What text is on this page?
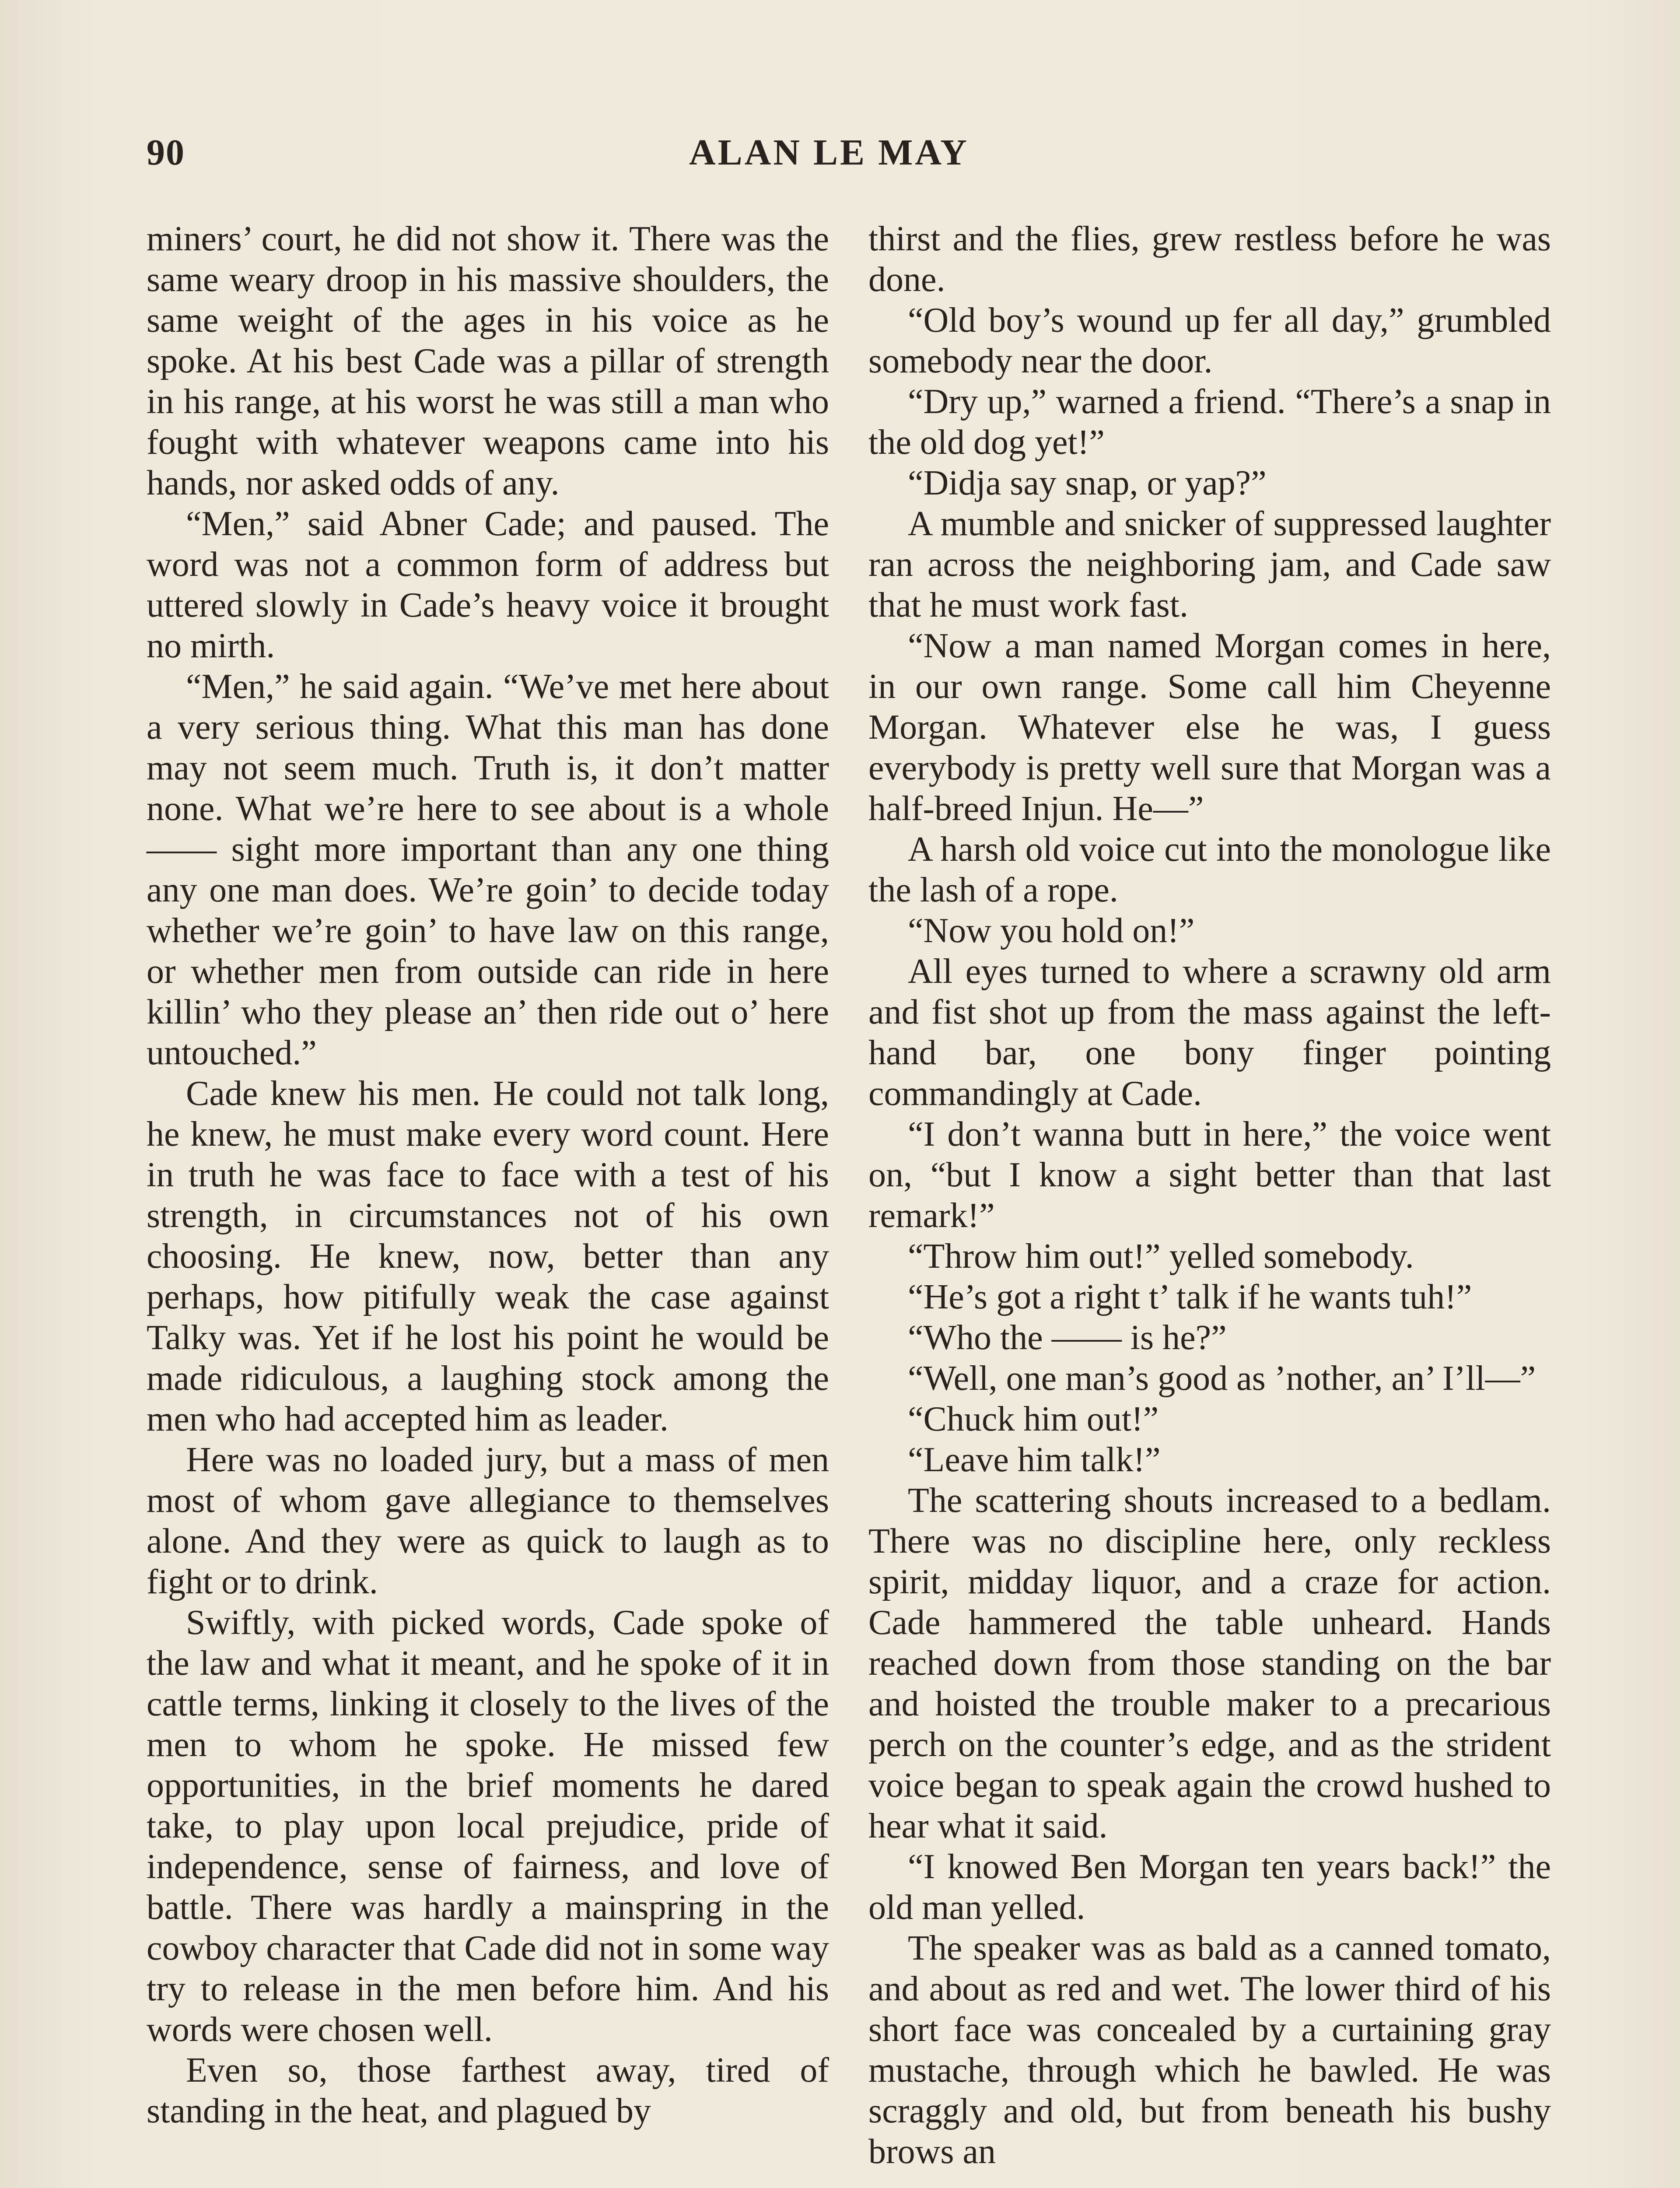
90	ALAN LE MAY

miners’ court, he did not show it. There was the same weary droop in his massive shoulders, the same weight of the ages in his voice as he spoke. At his best Cade was a pillar of strength in his range, at his worst he was still a man who fought with whatever weapons came into his hands, nor asked odds of any.

“Men,” said Abner Cade; and paused. The word was not a common form of address but uttered slowly in Cade’s heavy voice it brought no mirth.

“Men,” he said again. “We’ve met here about a very serious thing. What this man has done may not seem much. Truth is, it don’t matter none. What we’re here to see about is a whole —— sight more important than any one thing any one man does. We’re goin’ to decide today whether we’re goin’ to have law on this range, or whether men from outside can ride in here killin’ who they please an’ then ride out o’ here untouched.”

Cade knew his men. He could not talk long, he knew, he must make every word count. Here in truth he was face to face with a test of his strength, in circumstances not of his own choosing. He knew, now, better than any perhaps, how pitifully weak the case against Talky was. Yet if he lost his point he would be made ridiculous, a laughing stock among the men who had accepted him as leader.

Here was no loaded jury, but a mass of men most of whom gave allegiance to themselves alone. And they were as quick to laugh as to fight or to drink.

Swiftly, with picked words, Cade spoke of the law and what it meant, and he spoke of it in cattle terms, linking it closely to the lives of the men to whom he spoke. He missed few opportunities, in the brief moments he dared take, to play upon local prejudice, pride of independence, sense of fairness, and love of battle. There was hardly a mainspring in the cowboy character that Cade did not in some way try to release in the men before him. And his words were chosen well.

Even so, those farthest away, tired of standing in the heat, and plagued by

thirst and the flies, grew restless before he was done.

“Old boy’s wound up fer all day,” grumbled somebody near the door.

“Dry up,” warned a friend. “There’s a snap in the old dog yet!”

“Didja say snap, or yap?”

A mumble and snicker of suppressed laughter ran across the neighboring jam, and Cade saw that he must work fast.

“Now a man named Morgan comes in here, in our own range. Some call him Cheyenne Morgan. Whatever else he was, I guess everybody is pretty well sure that Morgan was a half-breed Injun. He—”

A harsh old voice cut into the monologue like the lash of a rope.

“Now you hold on!”

All eyes turned to where a scrawny old arm and fist shot up from the mass against the left-hand bar, one bony finger pointing commandingly at Cade.

“I don’t wanna butt in here,” the voice went on, “but I know a sight better than that last remark!”

“Throw him out!” yelled somebody.

“He’s got a right t’ talk if he wants tuh!”

“Who the —— is he?”

“Well, one man’s good as ’nother, an’ I’ll—”

“Chuck him out!”

“Leave him talk!”

The scattering shouts increased to a bedlam. There was no discipline here, only reckless spirit, midday liquor, and a craze for action. Cade hammered the table unheard. Hands reached down from those standing on the bar and hoisted the trouble maker to a precarious perch on the counter’s edge, and as the strident voice began to speak again the crowd hushed to hear what it said.

“I knowed Ben Morgan ten years back!” the old man yelled.

The speaker was as bald as a canned tomato, and about as red and wet. The lower third of his short face was concealed by a curtaining gray mustache, through which he bawled. He was scraggly and old, but from beneath his bushy brows an
